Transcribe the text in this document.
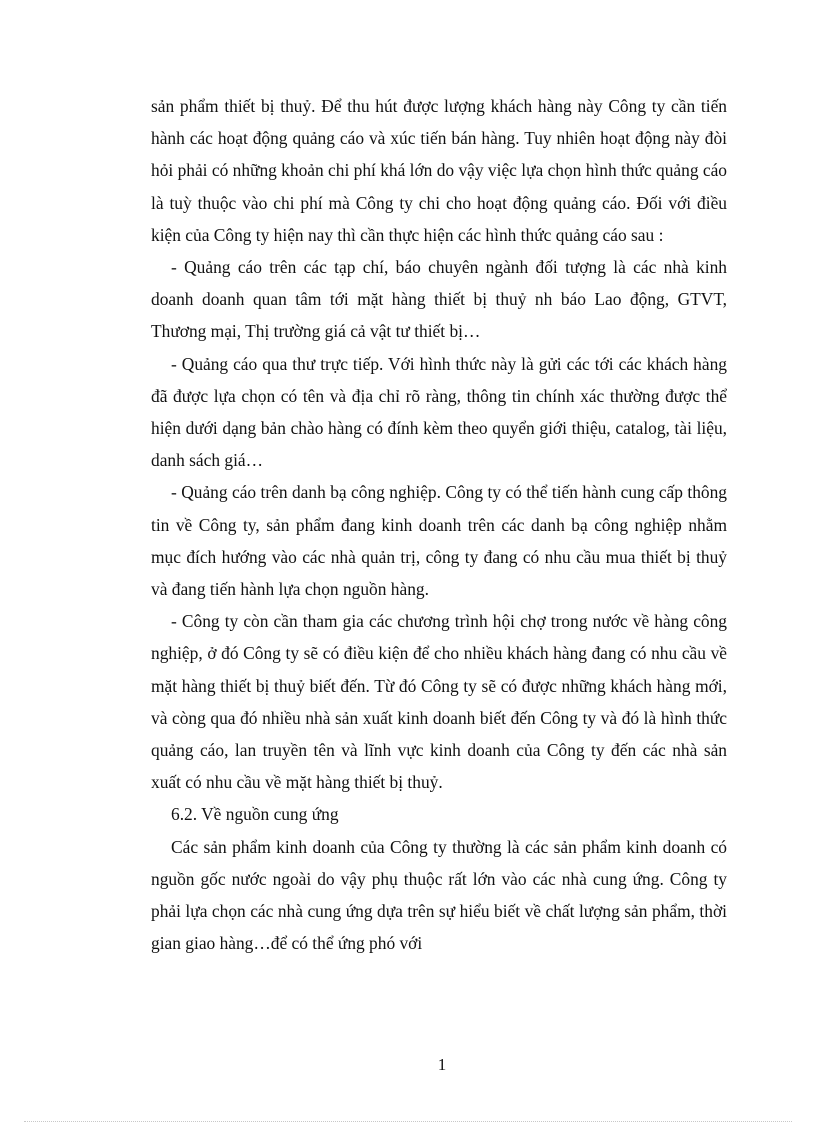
sản phẩm thiết bị thuỷ. Để thu hút được lượng khách hàng này Công ty cần tiến hành các hoạt động quảng cáo và xúc tiến bán hàng. Tuy nhiên hoạt động này đòi hỏi phải có những khoản chi phí khá lớn do vậy việc lựa chọn hình thức quảng cáo là tuỳ thuộc vào chi phí mà Công ty chi cho hoạt động quảng cáo. Đối với điều kiện của Công ty hiện nay thì cần thực hiện các hình thức quảng cáo sau :

- Quảng cáo trên các tạp chí, báo chuyên ngành đối tượng là các nhà kinh doanh doanh quan tâm tới mặt hàng thiết bị thuỷ nh báo Lao động, GTVT, Thương mại, Thị trường giá cả vật tư thiết bị…

- Quảng cáo qua thư trực tiếp. Với hình thức này là gửi các tới các khách hàng đã được lựa chọn có tên và địa chỉ rõ ràng, thông tin chính xác thường được thể hiện dưới dạng bản chào hàng có đính kèm theo quyển giới thiệu, catalog, tài liệu, danh sách giá…

- Quảng cáo trên danh bạ công nghiệp. Công ty có thể tiến hành cung cấp thông tin về Công ty, sản phẩm đang kinh doanh trên các danh bạ công nghiệp nhằm mục đích hướng vào các nhà quản trị, công ty đang có nhu cầu mua thiết bị thuỷ và đang tiến hành lựa chọn nguồn hàng.

- Công ty còn cần tham gia các chương trình hội chợ trong nước về hàng công nghiệp, ở đó Công ty sẽ có điều kiện để cho nhiều khách hàng đang có nhu cầu về mặt hàng thiết bị thuỷ biết đến. Từ đó Công ty sẽ có được những khách hàng mới, và còng qua đó nhiều nhà sản xuất kinh doanh biết đến Công ty và đó là hình thức quảng cáo, lan truyền tên và lĩnh vực kinh doanh của Công ty đến các nhà sản xuất có nhu cầu về mặt hàng thiết bị thuỷ.

6.2. Về nguồn cung ứng

Các sản phẩm kinh doanh của Công ty thường là các sản phẩm kinh doanh có nguồn gốc nước ngoài do vậy phụ thuộc rất lớn vào các nhà cung ứng. Công ty phải lựa chọn các nhà cung ứng dựa trên sự hiểu biết về chất lượng sản phẩm, thời gian giao hàng…để có thể ứng phó với

1
